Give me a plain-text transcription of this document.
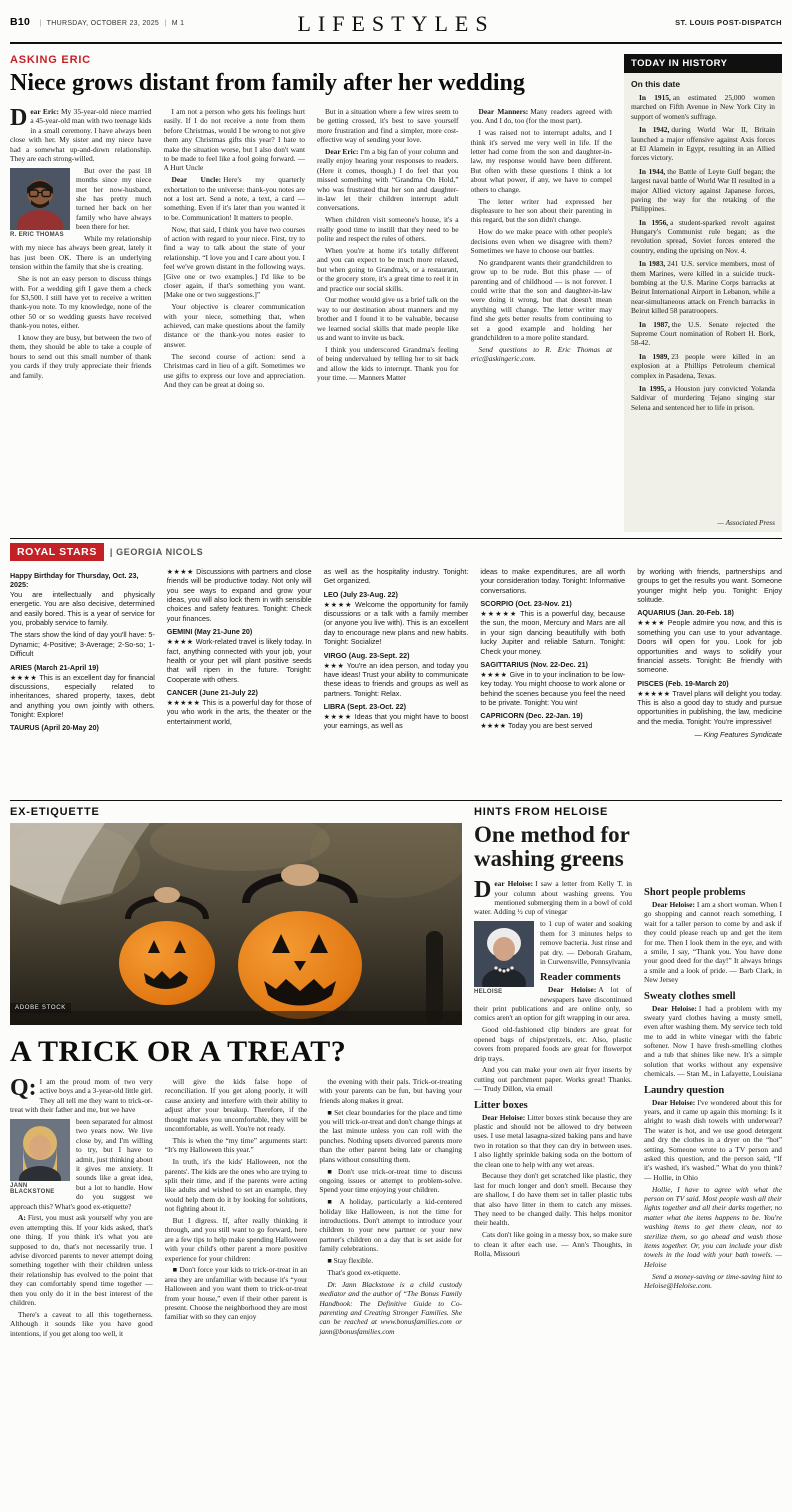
B10 | THURSDAY, OCTOBER 23, 2025 | M 1	LIFESTYLES	ST. LOUIS POST-DISPATCH
ASKING ERIC
Niece grows distant from family after her wedding

Dear Eric: My 35-year-old niece married a 45-year-old man with two teenage kids in a small ceremony. I have always been close with her. My sister and my niece have had a somewhat up-and-down relationship. They are each strong-willed.

R. ERIC THOMAS

But over the past 18 months since my niece met her now-husband, she has pretty much turned her back on her family who have always been there for her.

While my relationship with my niece has always been great, lately it has just been OK. There is an underlying tension within the family that she is creating.

She is not an easy person to discuss things with. For a wedding gift I gave them a check for $3,500. I still have yet to receive a written thank-you note. To my knowledge, none of the other 50 or so wedding guests have received thank-you notes, either.

I know they are busy, but between the two of them, they should be able to take a couple of hours to send out this small number of thank you cards if they truly appreciate their friends and family.

I am not a person who gets his feelings hurt easily. If I do not receive a note from them before Christmas, would I be wrong to not give them any Christmas gifts this year? I hate to make the situation worse, but I also don't want to be made to feel like a fool going forward. — A Hurt Uncle

Dear Uncle: Here's my quarterly exhortation to the universe: thank-you notes are not a lost art. Send a note, a text, a card — something. Even if it's later than you wanted it to be. Communication! It matters to people.

Now, that said, I think you have two courses of action with regard to your niece. First, try to find a way to talk about the state of your relationship. “I love you and I care about you. I feel we've grown distant in the following ways. [Give one or two examples.] I'd like to be closer again, if that's something you want. [Make one or two suggestions.]”

Your objective is clearer communication with your niece, something that, when achieved, can make questions about the family distance or the thank-you notes easier to answer.

The second course of action: send a Christmas card in lieu of a gift. Sometimes we use gifts to express our love and appreciation. And they can be great at doing so.

But in a situation where a few wires seem to be getting crossed, it's best to save yourself more frustration and find a simpler, more cost-effective way of sending your love.

Dear Eric: I'm a big fan of your column and really enjoy hearing your responses to readers. (Here it comes, though.) I do feel that you missed something with “Grandma On Hold,” who was frustrated that her son and daughter-in-law let their children interrupt adult conversations.

When children visit someone's house, it's a really good time to instill that they need to be polite and respect the rules of others.

When you're at home it's totally different and you can expect to be much more relaxed, but when going to Grandma's, or a restaurant, or the grocery store, it's a great time to reel it in and practice our social skills.

Our mother would give us a brief talk on the way to our destination about manners and my brother and I found it to be valuable, because we learned social skills that made people like us and want to invite us back.

I think you underscored Grandma's feeling of being undervalued by telling her to sit back and allow the kids to interrupt. Thank you for your time. — Manners Matter

Dear Manners: Many readers agreed with you. And I do, too (for the most part).

I was raised not to interrupt adults, and I think it's served me very well in life. If the letter had come from the son and daughter-in-law, my response would have been different. But often with these questions I think a lot about what power, if any, we have to compel others to change.

The letter writer had expressed her displeasure to her son about their parenting in this regard, but the son didn't change.

How do we make peace with other people's decisions even when we disagree with them? Sometimes we have to choose our battles.

No grandparent wants their grandchildren to grow up to be rude. But this phase — of parenting and of childhood — is not forever. I could write that the son and daughter-in-law were doing it wrong, but that doesn't mean anything will change. The letter writer may find she gets better results from continuing to set a good example and holding her grandchildren to a more polite standard.

Send questions to R. Eric Thomas at eric@askingeric.com.

TODAY IN HISTORY
On this date

In 1915, an estimated 25,000 women marched on Fifth Avenue in New York City in support of women's suffrage.

In 1942, during World War II, Britain launched a major offensive against Axis forces at El Alamein in Egypt, resulting in an Allied forces victory.

In 1944, the Battle of Leyte Gulf began; the largest naval battle of World War II resulted in a major Allied victory against Japanese forces, paving the way for the retaking of the Philippines.

In 1956, a student-sparked revolt against Hungary's Communist rule began; as the revolution spread, Soviet forces entered the country, ending the uprising on Nov. 4.

In 1983, 241 U.S. service members, most of them Marines, were killed in a suicide truck-bombing at the U.S. Marine Corps barracks at Beirut International Airport in Lebanon, while a near-simultaneous attack on French barracks in Beirut killed 58 paratroopers.

In 1987, the U.S. Senate rejected the Supreme Court nomination of Robert H. Bork, 58-42.

In 1989, 23 people were killed in an explosion at a Phillips Petroleum chemical complex in Pasadena, Texas.

In 1995, a Houston jury convicted Yolanda Saldivar of murdering Tejano singing star Selena and sentenced her to life in prison.

— Associated Press

ROYAL STARS	| GEORGIA NICOLS
Happy Birthday for Thursday, Oct. 23, 2025:

You are intellectually and physically energetic. You are also decisive, determined and easily bored. This is a year of service for you, probably service to family.

The stars show the kind of day you'll have: 5-Dynamic; 4-Positive; 3-Average; 2-So-so; 1-Difficult

ARIES (March 21-April 19)

★★★★ This is an excellent day for financial discussions, especially related to inheritances, shared property, taxes, debt and anything you own jointly with others. Tonight: Explore!

TAURUS (April 20-May 20)

★★★★ Discussions with partners and close friends will be productive today. Not only will you see ways to expand and grow your ideas, you will also lock them in with sensible choices and safety features. Tonight: Check your finances.

GEMINI (May 21-June 20)

★★★★ Work-related travel is likely today. In fact, anything connected with your job, your health or your pet will plant positive seeds that will ripen in the future. Tonight: Cooperate with others.

CANCER (June 21-July 22)

★★★★★ This is a powerful day for those of you who work in the arts, the theater or the entertainment world,

as well as the hospitality industry. Tonight: Get organized.

LEO (July 23-Aug. 22)

★★★★ Welcome the opportunity for family discussions or a talk with a family member (or anyone you live with). This is an excellent day to encourage new plans and new habits. Tonight: Socialize!

VIRGO (Aug. 23-Sept. 22)

★★★ You're an idea person, and today you have ideas! Trust your ability to communicate these ideas to friends and groups as well as partners. Tonight: Relax.

LIBRA (Sept. 23-Oct. 22)

★★★★ Ideas that you might have to boost your earnings, as well as

ideas to make expenditures, are all worth your consideration today. Tonight: Informative conversations.

SCORPIO (Oct. 23-Nov. 21)

★★★★★ This is a powerful day, because the sun, the moon, Mercury and Mars are all in your sign dancing beautifully with both lucky Jupiter and reliable Saturn. Tonight: Check your money.

SAGITTARIUS (Nov. 22-Dec. 21)

★★★★ Give in to your inclination to be low-key today. You might choose to work alone or behind the scenes because you feel the need to be private. Tonight: You win!

CAPRICORN (Dec. 22-Jan. 19)

★★★★ Today you are best served

by working with friends, partnerships and groups to get the results you want. Someone younger might help you. Tonight: Enjoy solitude.

AQUARIUS (Jan. 20-Feb. 18)

★★★★ People admire you now, and this is something you can use to your advantage. Doors will open for you. Look for job opportunities and ways to solidify your financial assets. Tonight: Be friendly with someone.

PISCES (Feb. 19-March 20)

★★★★★ Travel plans will delight you today. This is also a good day to study and pursue opportunities in publishing, the law, medicine and the media. Tonight: You're impressive!

— King Features Syndicate

EX-ETIQUETTE
ADOBE STOCK
A TRICK OR A TREAT?

Q: I am the proud mom of two very active boys and a 3-year-old little girl. They all tell me they want to trick-or-treat with their father and me, but we have

JANN BLACKSTONE

been separated for almost two years now. We live close by, and I'm willing to try, but I have to admit, just thinking about it gives me anxiety. It sounds like a great idea, but a lot to handle. How do you suggest we approach this? What's good ex-etiquette?

A: First, you must ask yourself why you are even attempting this. If your kids asked, that's one thing. If you think it's what you are supposed to do, that's not necessarily true. I advise divorced parents to never attempt doing something together with their children unless their relationship has evolved to the point that they can comfortably spend time together — then you only do it in the best interest of the children.

There's a caveat to all this togetherness. Although it sounds like you have good intentions, if you get along too well, it

will give the kids false hope of reconciliation. If you get along poorly, it will cause anxiety and interfere with their ability to adjust after your breakup. Therefore, if the thought makes you uncomfortable, they will be uncomfortable, as well. You're not ready.

This is when the “my time” arguments start: “It's my Halloween this year.”

In truth, it's the kids' Halloween, not the parents'. The kids are the ones who are trying to split their time, and if the parents were acting like adults and wished to set an example, they would help them do it by looking for solutions, not fighting about it.

But I digress. If, after really thinking it through, and you still want to go forward, here are a few tips to help make spending Halloween with your child's other parent a more positive experience for your children:

■ Don't force your kids to trick-or-treat in an area they are unfamiliar with because it's “your Halloween and you want them to trick-or-treat from your house,” even if their other parent is present. Choose the neighborhood they are most familiar with so they can enjoy

the evening with their pals. Trick-or-treating with your parents can be fun, but having your friends along makes it great.

■ Set clear boundaries for the place and time you will trick-or-treat and don't change things at the last minute unless you can roll with the punches. Nothing upsets divorced parents more than the other parent being late or changing plans without consulting them.

■ Don't use trick-or-treat time to discuss ongoing issues or attempt to problem-solve. Spend your time enjoying your children.

■ A holiday, particularly a kid-centered holiday like Halloween, is not the time for introductions. Don't attempt to introduce your children to your new partner or your new partner's children on a day that is set aside for family celebrations.

■ Stay flexible.

That's good ex-etiquette.

Dr. Jann Blackstone is a child custody mediator and the author of “The Bonus Family Handbook: The Definitive Guide to Co-parenting and Creating Stronger Families. She can be reached at www.bonusfamilies.com or jann@bonusfamilies.com

HINTS FROM HELOISE
One method for washing greens

Dear Heloise: I saw a letter from Kelly T. in your column about washing greens. You mentioned submerging them in a bowl of cold water. Adding ½ cup of vinegar

HELOISE

to 1 cup of water and soaking them for 3 minutes helps to remove bacteria. Just rinse and pat dry. — Deborah Graham, in Curwensville, Pennsylvania

Reader comments

Dear Heloise: A lot of newspapers have discontinued their print publications and are online only, so comics aren't an option for gift wrapping in our area.

Good old-fashioned clip binders are great for opened bags of chips/pretzels, etc. Also, plastic covers from prepared foods are great for flowerpot drip trays.

And you can make your own air fryer inserts by cutting out parchment paper. Works great! Thanks. — Trudy Dillon, via email

Litter boxes

Dear Heloise: Litter boxes stink because they are plastic and should not be allowed to dry between uses. I use metal lasagna-sized baking pans and have two in rotation so that they can dry in between uses. I also lightly sprinkle baking soda on the bottom of the clean one to help with any wet areas.

Because they don't get scratched like plastic, they last for much longer and don't smell. Because they are shallow, I do have them set in taller plastic tubs that also have litter in them to catch any misses. They need to be changed daily. This helps monitor their health.

Cats don't like going in a messy box, so make sure to clean it after each use. — Ann's Thoughts, in Rolla, Missouri

Short people problems

Dear Heloise: I am a short woman. When I go shopping and cannot reach something, I wait for a taller person to come by and ask if they could please reach up and get the item for me. Then I look them in the eye, and with a smile, I say, “Thank you. You have done your good deed for the day!” It always brings a smile and a look of pride. — Barb Clark, in New Jersey

Sweaty clothes smell

Dear Heloise: I had a problem with my sweaty yard clothes having a musty smell, even after washing them. My service tech told me to add in white vinegar with the fabric softener. Now I have fresh-smelling clothes and a tub that shines like new. It's a simple solution that works without any expensive chemicals. — Stan M., in Lafayette, Louisiana

Laundry question

Dear Heloise: I've wondered about this for years, and it came up again this morning: Is it alright to wash dish towels with underwear? The water is hot, and we use good detergent and dry the clothes in a dryer on the “hot” setting. Someone wrote to a TV person and asked this question, and the person said, “If it's washed, it's washed.” What do you think? — Hollie, in Ohio

Hollie, I have to agree with what the person on TV said. Most people wash all their lights together and all their darks together, no matter what the items happens to be. You're washing items to get them clean, not to sterilize them, so go ahead and wash those items together. Or, you can include your dish towels in the load with your bath towels. — Heloise

Send a money-saving or time-saving hint to Heloise@Heloise.com.
